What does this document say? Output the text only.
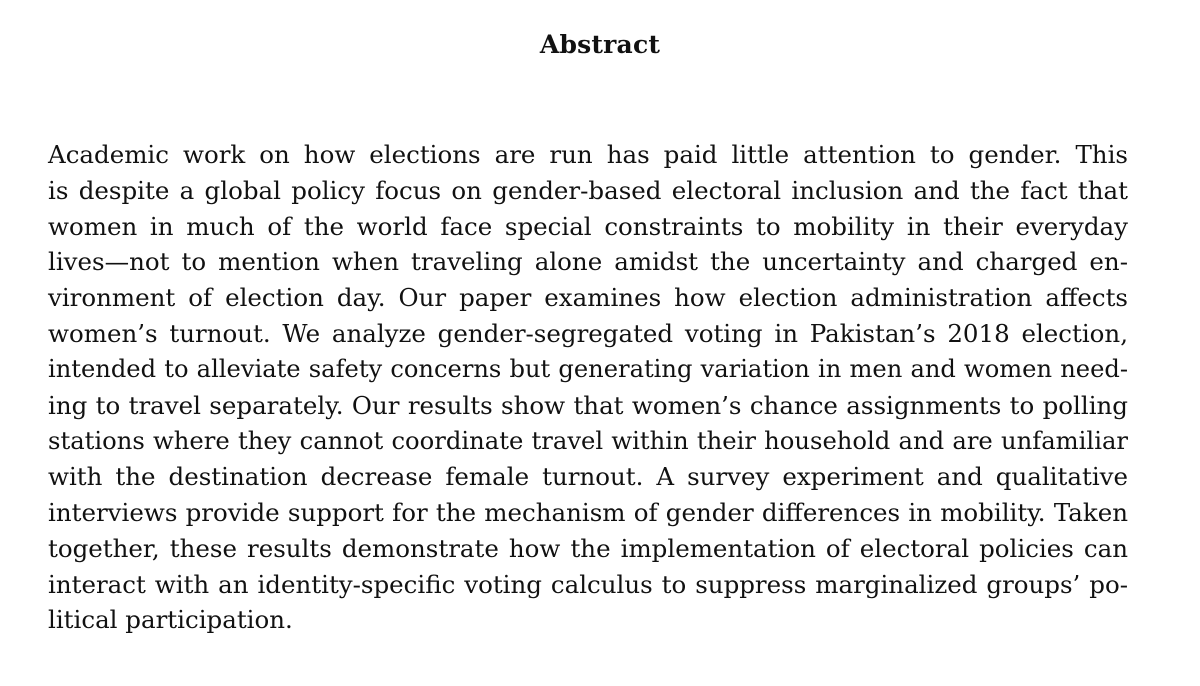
Abstract
Academic work on how elections are run has paid little attention to gender. This
is despite a global policy focus on gender-based electoral inclusion and the fact that
women in much of the world face special constraints to mobility in their everyday
lives—not to mention when traveling alone amidst the uncertainty and charged en-
vironment of election day. Our paper examines how election administration affects
women’s turnout. We analyze gender-segregated voting in Pakistan’s 2018 election,
intended to alleviate safety concerns but generating variation in men and women need-
ing to travel separately. Our results show that women’s chance assignments to polling
stations where they cannot coordinate travel within their household and are unfamiliar
with the destination decrease female turnout. A survey experiment and qualitative
interviews provide support for the mechanism of gender differences in mobility. Taken
together, these results demonstrate how the implementation of electoral policies can
interact with an identity-specific voting calculus to suppress marginalized groups’ po-
litical participation.
